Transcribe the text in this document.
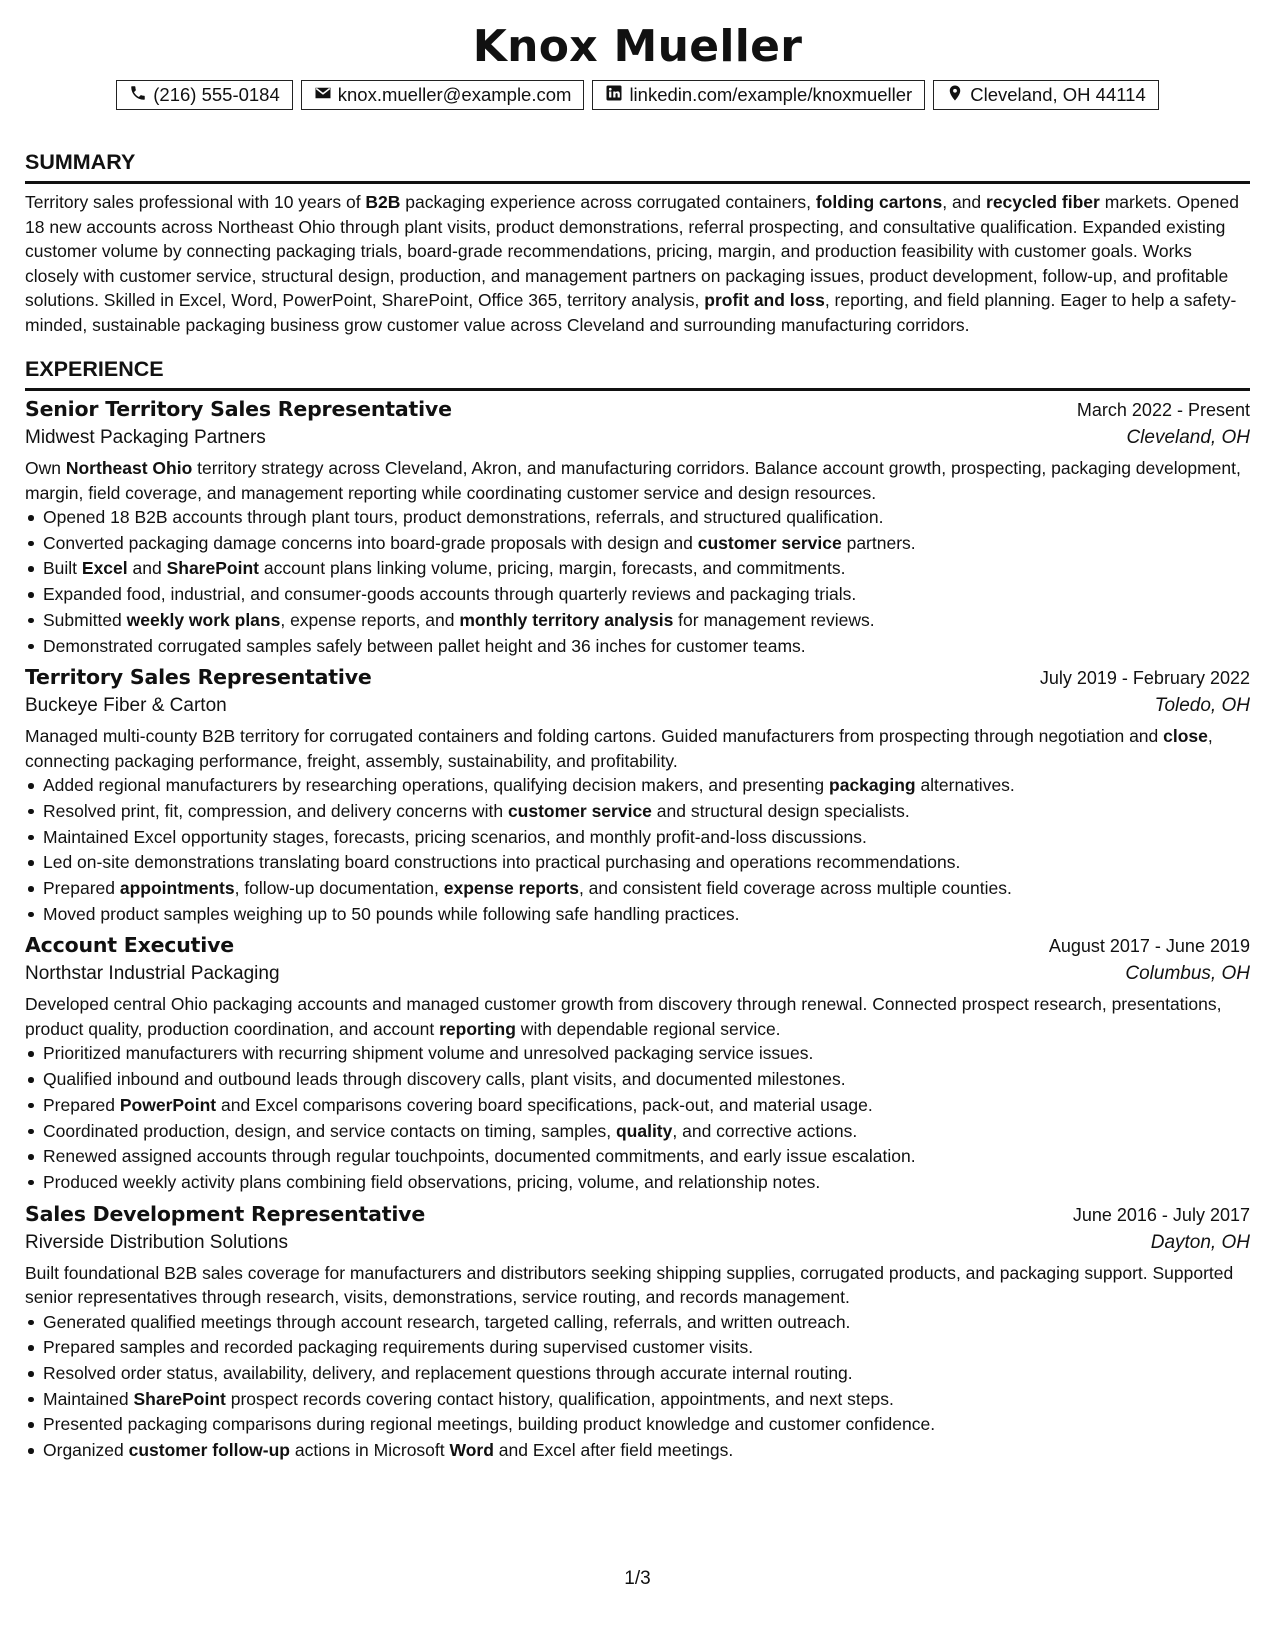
Knox Mueller
(216) 555-0184	knox.mueller@example.com	linkedin.com/example/knoxmueller	Cleveland, OH 44114
SUMMARY
Territory sales professional with 10 years of B2B packaging experience across corrugated containers, folding cartons, and recycled fiber markets. Opened 18 new accounts across Northeast Ohio through plant visits, product demonstrations, referral prospecting, and consultative qualification. Expanded existing customer volume by connecting packaging trials, board-grade recommendations, pricing, margin, and production feasibility with customer goals. Works closely with customer service, structural design, production, and management partners on packaging issues, product development, follow-up, and profitable solutions. Skilled in Excel, Word, PowerPoint, SharePoint, Office 365, territory analysis, profit and loss, reporting, and field planning. Eager to help a safety-minded, sustainable packaging business grow customer value across Cleveland and surrounding manufacturing corridors.
EXPERIENCE
Senior Territory Sales Representative	March 2022 - Present
Midwest Packaging Partners	Cleveland, OH
Own Northeast Ohio territory strategy across Cleveland, Akron, and manufacturing corridors. Balance account growth, prospecting, packaging development, margin, field coverage, and management reporting while coordinating customer service and design resources.
Opened 18 B2B accounts through plant tours, product demonstrations, referrals, and structured qualification.
Converted packaging damage concerns into board-grade proposals with design and customer service partners.
Built Excel and SharePoint account plans linking volume, pricing, margin, forecasts, and commitments.
Expanded food, industrial, and consumer-goods accounts through quarterly reviews and packaging trials.
Submitted weekly work plans, expense reports, and monthly territory analysis for management reviews.
Demonstrated corrugated samples safely between pallet height and 36 inches for customer teams.
Territory Sales Representative	July 2019 - February 2022
Buckeye Fiber & Carton	Toledo, OH
Managed multi-county B2B territory for corrugated containers and folding cartons. Guided manufacturers from prospecting through negotiation and close, connecting packaging performance, freight, assembly, sustainability, and profitability.
Added regional manufacturers by researching operations, qualifying decision makers, and presenting packaging alternatives.
Resolved print, fit, compression, and delivery concerns with customer service and structural design specialists.
Maintained Excel opportunity stages, forecasts, pricing scenarios, and monthly profit-and-loss discussions.
Led on-site demonstrations translating board constructions into practical purchasing and operations recommendations.
Prepared appointments, follow-up documentation, expense reports, and consistent field coverage across multiple counties.
Moved product samples weighing up to 50 pounds while following safe handling practices.
Account Executive	August 2017 - June 2019
Northstar Industrial Packaging	Columbus, OH
Developed central Ohio packaging accounts and managed customer growth from discovery through renewal. Connected prospect research, presentations, product quality, production coordination, and account reporting with dependable regional service.
Prioritized manufacturers with recurring shipment volume and unresolved packaging service issues.
Qualified inbound and outbound leads through discovery calls, plant visits, and documented milestones.
Prepared PowerPoint and Excel comparisons covering board specifications, pack-out, and material usage.
Coordinated production, design, and service contacts on timing, samples, quality, and corrective actions.
Renewed assigned accounts through regular touchpoints, documented commitments, and early issue escalation.
Produced weekly activity plans combining field observations, pricing, volume, and relationship notes.
Sales Development Representative	June 2016 - July 2017
Riverside Distribution Solutions	Dayton, OH
Built foundational B2B sales coverage for manufacturers and distributors seeking shipping supplies, corrugated products, and packaging support. Supported senior representatives through research, visits, demonstrations, service routing, and records management.
Generated qualified meetings through account research, targeted calling, referrals, and written outreach.
Prepared samples and recorded packaging requirements during supervised customer visits.
Resolved order status, availability, delivery, and replacement questions through accurate internal routing.
Maintained SharePoint prospect records covering contact history, qualification, appointments, and next steps.
Presented packaging comparisons during regional meetings, building product knowledge and customer confidence.
Organized customer follow-up actions in Microsoft Word and Excel after field meetings.
1/3
